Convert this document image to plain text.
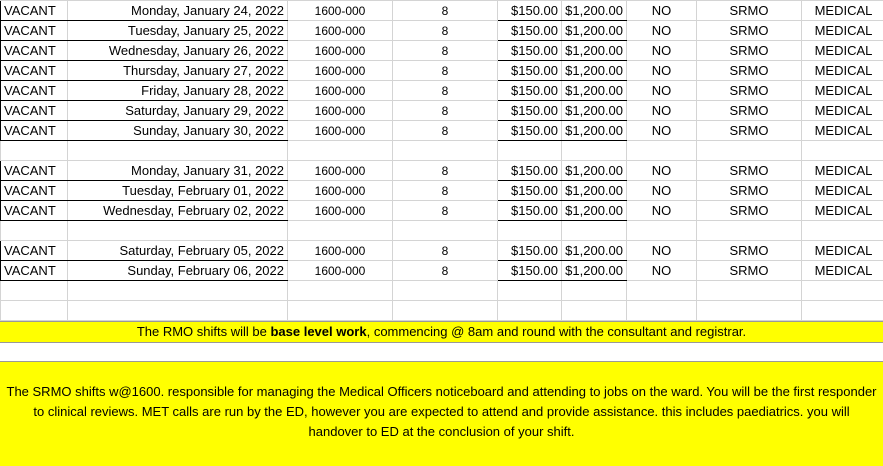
VACANT	Monday, January 24, 2022	1600-000	8	$150.00	$1,200.00	NO	SRMO	MEDICAL
VACANT	Tuesday, January 25, 2022	1600-000	8	$150.00	$1,200.00	NO	SRMO	MEDICAL
VACANT	Wednesday, January 26, 2022	1600-000	8	$150.00	$1,200.00	NO	SRMO	MEDICAL
VACANT	Thursday, January 27, 2022	1600-000	8	$150.00	$1,200.00	NO	SRMO	MEDICAL
VACANT	Friday, January 28, 2022	1600-000	8	$150.00	$1,200.00	NO	SRMO	MEDICAL
VACANT	Saturday, January 29, 2022	1600-000	8	$150.00	$1,200.00	NO	SRMO	MEDICAL
VACANT	Sunday, January 30, 2022	1600-000	8	$150.00	$1,200.00	NO	SRMO	MEDICAL

VACANT	Monday, January 31, 2022	1600-000	8	$150.00	$1,200.00	NO	SRMO	MEDICAL
VACANT	Tuesday, February 01, 2022	1600-000	8	$150.00	$1,200.00	NO	SRMO	MEDICAL
VACANT	Wednesday, February 02, 2022	1600-000	8	$150.00	$1,200.00	NO	SRMO	MEDICAL

VACANT	Saturday, February 05, 2022	1600-000	8	$150.00	$1,200.00	NO	SRMO	MEDICAL
VACANT	Sunday, February 06, 2022	1600-000	8	$150.00	$1,200.00	NO	SRMO	MEDICAL

The RMO shifts will be base level work, commencing @ 8am and round with the consultant and registrar.

The SRMO shifts w@1600. responsible for managing the Medical Officers noticeboard and attending to jobs on the ward. You will be the first responder to clinical reviews. MET calls are run by the ED, however you are expected to attend and provide assistance. this includes paediatrics. you will handover to ED at the conclusion of your shift.
